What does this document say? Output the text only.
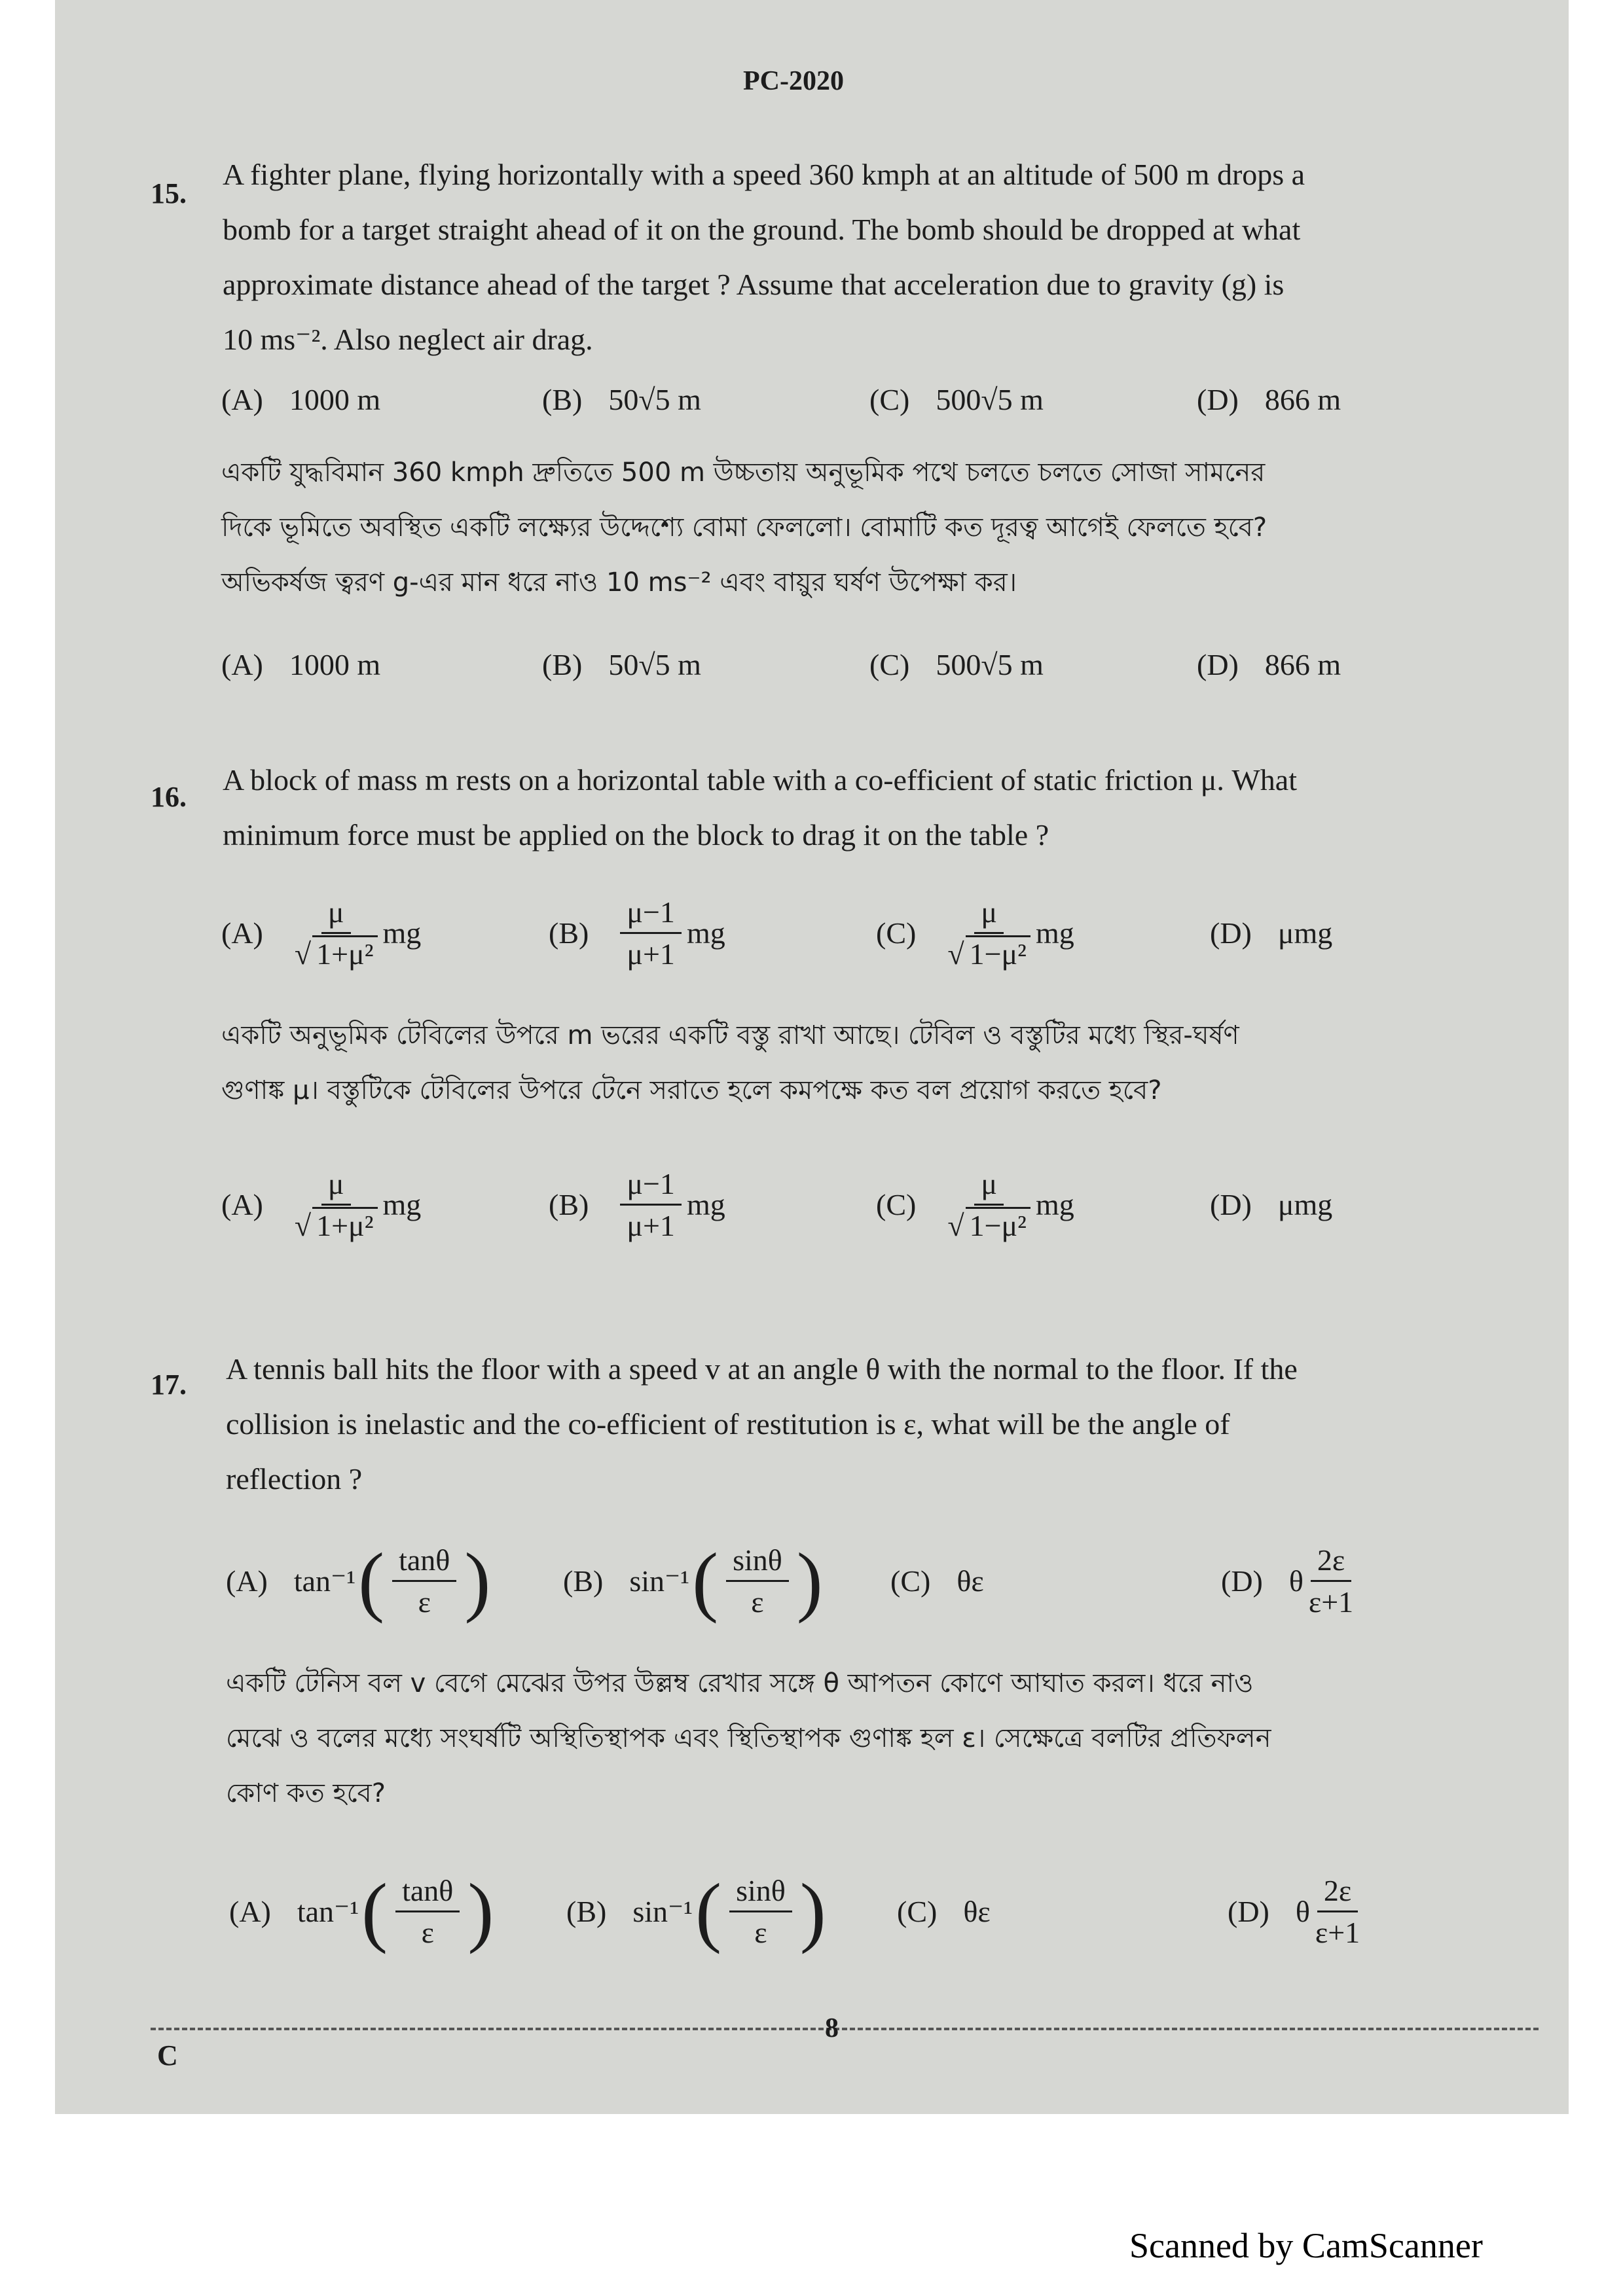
PC-2020
15.
A fighter plane, flying horizontally with a speed 360 kmph at an altitude of 500 m drops a
bomb for a target straight ahead of it on the ground. The bomb should be dropped at what
approximate distance ahead of the target ? Assume that acceleration due to gravity (g) is
10 ms⁻². Also neglect air drag.
(A) 1000 m	(B) 50√5 m	(C) 500√5 m	(D) 866 m
একটি যুদ্ধবিমান 360 kmph দ্রুতিতে 500 m উচ্চতায় অনুভূমিক পথে চলতে চলতে সোজা সামনের
দিকে ভূমিতে অবস্থিত একটি লক্ষ্যের উদ্দেশ্যে বোমা ফেললো। বোমাটি কত দূরত্ব আগেই ফেলতে হবে?
অভিকর্ষজ ত্বরণ g-এর মান ধরে নাও 10 ms⁻² এবং বায়ুর ঘর্ষণ উপেক্ষা কর।
(A) 1000 m	(B) 50√5 m	(C) 500√5 m	(D) 866 m
16.
A block of mass m rests on a horizontal table with a co-efficient of static friction μ. What
minimum force must be applied on the block to drag it on the table ?
$(A) \frac{\mu}{\text{√ 1+μ²}}$ mg	$(B) \frac{\mu-1}{\mu+1}$ mg	$(C) \frac{\mu}{\text{√ 1−μ²}}$ mg	(D) μmg
একটি অনুভূমিক টেবিলের উপরে m ভরের একটি বস্তু রাখা আছে। টেবিল ও বস্তুটির মধ্যে স্থির-ঘর্ষণ
গুণাঙ্ক μ। বস্তুটিকে টেবিলের উপরে টেনে সরাতে হলে কমপক্ষে কত বল প্রয়োগ করতে হবে?
$(A) \frac{\mu}{\text{√ 1+μ²}}$ mg	$(B) \frac{\mu-1}{\mu+1}$ mg	$(C) \frac{\mu}{\text{√ 1−μ²}}$ mg	(D) μmg
17. A tennis ball hits the floor with a speed v at an angle θ with the normal to the floor. If the
collision is inelastic and the co-efficient of restitution is ε, what will be the angle of
reflection ?
(A) tan⁻¹ ( $\frac{\tan\theta}{\varepsilon}$ ) (B) sin⁻¹ ( $\frac{\sin\theta}{\varepsilon}$ ) (C) θε	(D) θ $\frac{2\varepsilon}{\varepsilon+1}$
একটি টেনিস বল v বেগে মেঝের উপর উল্লম্ব রেখার সঙ্গে θ আপতন কোণে আঘাত করল। ধরে নাও
মেঝে ও বলের মধ্যে সংঘর্ষটি অস্থিতিস্থাপক এবং স্থিতিস্থাপক গুণাঙ্ক হল ε। সেক্ষেত্রে বলটির প্রতিফলন
কোণ কত হবে?
(A) tan⁻¹ ( $\frac{\tan\theta}{\varepsilon}$ ) (B) sin⁻¹ ( $\frac{\sin\theta}{\varepsilon}$ ) (C) θε	(D) θ $\frac{2\varepsilon}{\varepsilon+1}$
8
C
Scanned by CamScanner
